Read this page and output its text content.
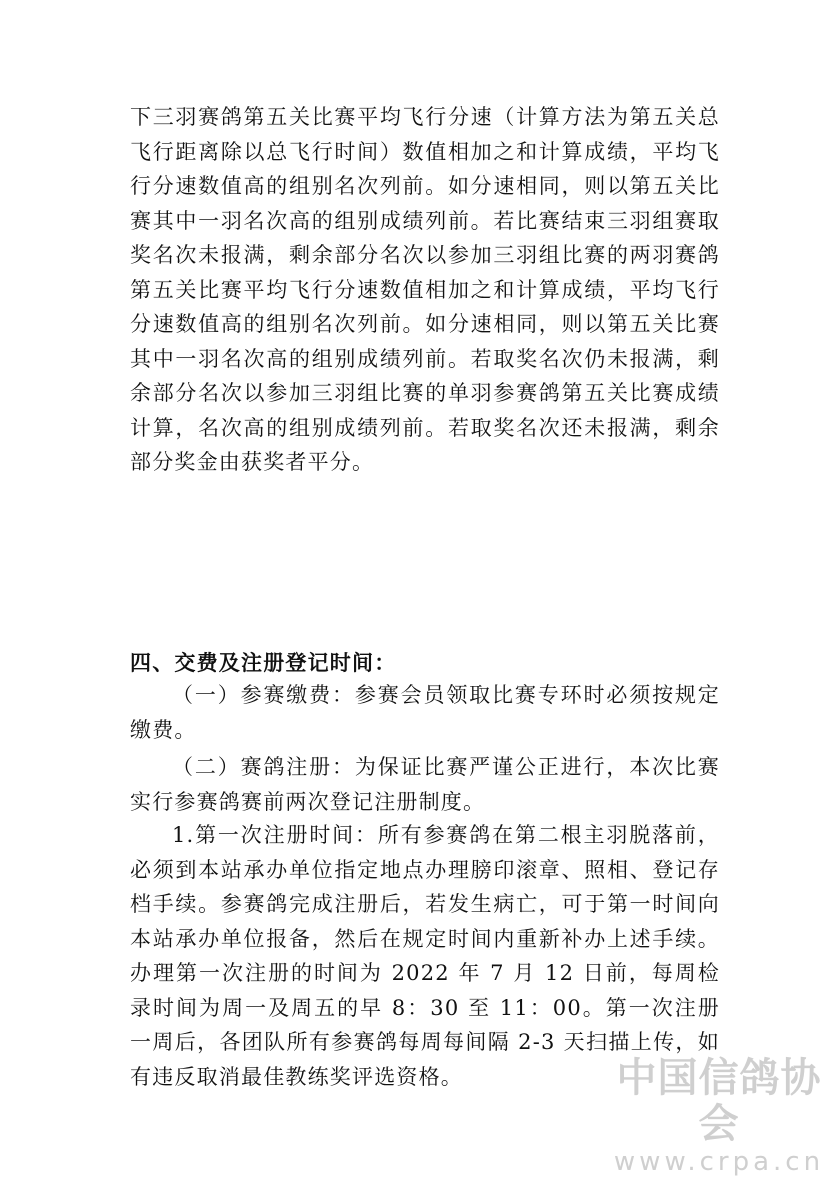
下三羽赛鸽第五关比赛平均飞行分速（计算方法为第五关总飞行距离除以总飞行时间）数值相加之和计算成绩，平均飞行分速数值高的组别名次列前。如分速相同，则以第五关比赛其中一羽名次高的组别成绩列前。若比赛结束三羽组赛取奖名次未报满，剩余部分名次以参加三羽组比赛的两羽赛鸽第五关比赛平均飞行分速数值相加之和计算成绩，平均飞行分速数值高的组别名次列前。如分速相同，则以第五关比赛其中一羽名次高的组别成绩列前。若取奖名次仍未报满，剩余部分名次以参加三羽组比赛的单羽参赛鸽第五关比赛成绩计算，名次高的组别成绩列前。若取奖名次还未报满，剩余部分奖金由获奖者平分。

四、交费及注册登记时间：

（一）参赛缴费：参赛会员领取比赛专环时必须按规定缴费。

（二）赛鸽注册：为保证比赛严谨公正进行，本次比赛实行参赛鸽赛前两次登记注册制度。

1.第一次注册时间：所有参赛鸽在第二根主羽脱落前，必须到本站承办单位指定地点办理膀印滚章、照相、登记存档手续。参赛鸽完成注册后，若发生病亡，可于第一时间向本站承办单位报备，然后在规定时间内重新补办上述手续。办理第一次注册的时间为 2022 年 7 月 12 日前，每周检录时间为周一及周五的早 8：30 至 11：00。第一次注册一周后，各团队所有参赛鸽每周每间隔 2-3 天扫描上传，如有违反取消最佳教练奖评选资格。	中国信鸽协会
www.crpa.cn
